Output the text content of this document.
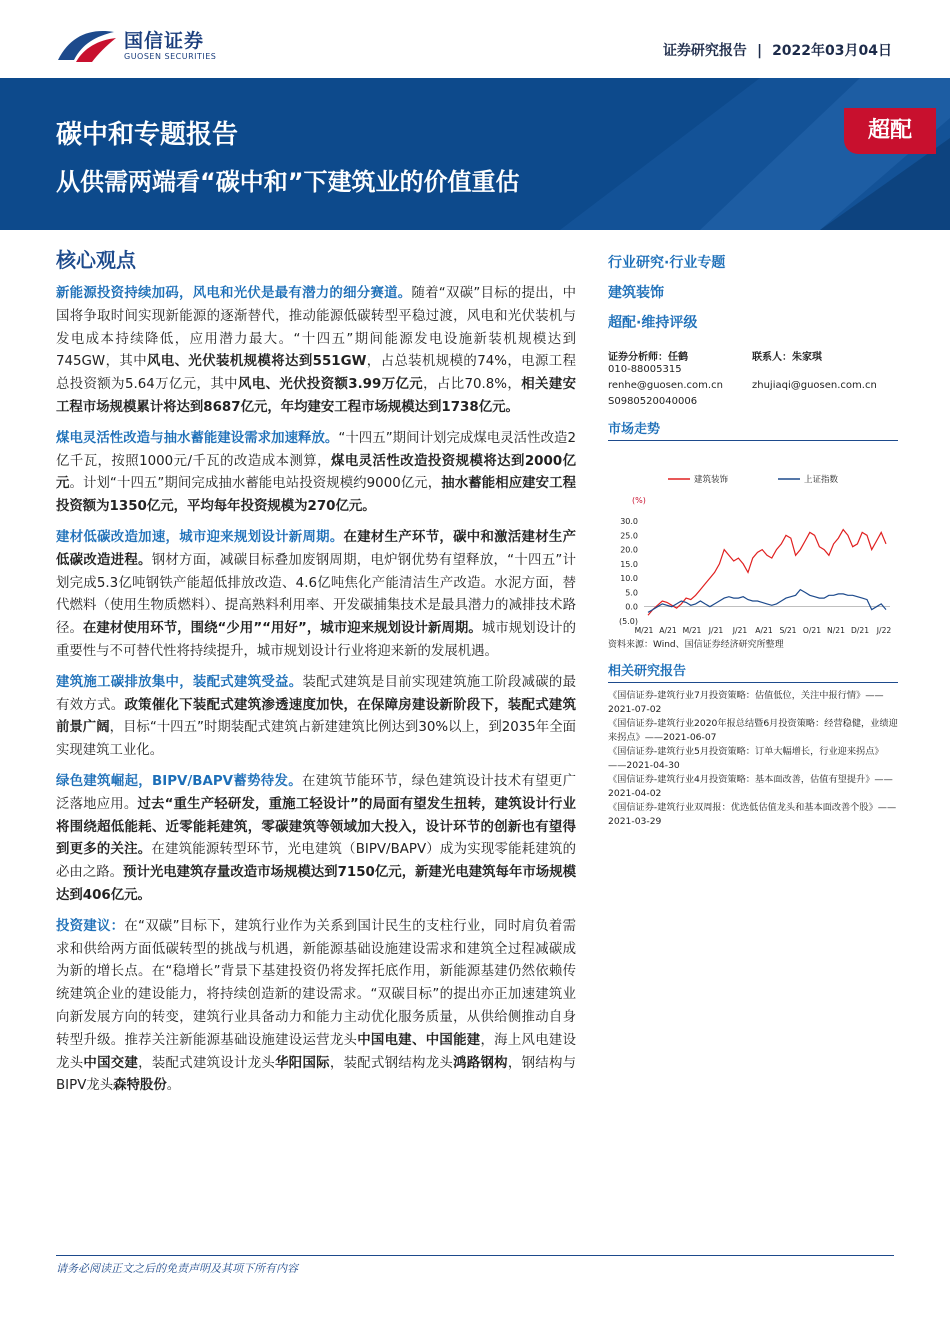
国信证券
GUOSEN SECURITIES	证券研究报告 | 2022年03月04日
碳中和专题报告
从供需两端看“碳中和”下建筑业的价值重估
超配
核心观点
新能源投资持续加码，风电和光伏是最有潜力的细分赛道。随着“双碳”目标的提出，中国将争取时间实现新能源的逐渐替代，推动能源低碳转型平稳过渡，风电和光伏装机与发电成本持续降低，应用潜力最大。“十四五”期间能源发电设施新装机规模达到745GW，其中风电、光伏装机规模将达到551GW，占总装机规模的74%，电源工程总投资额为5.64万亿元，其中风电、光伏投资额3.99万亿元，占比70.8%，相关建安工程市场规模累计将达到8687亿元，年均建安工程市场规模达到1738亿元。
煤电灵活性改造与抽水蓄能建设需求加速释放。“十四五”期间计划完成煤电灵活性改造2亿千瓦，按照1000元/千瓦的改造成本测算，煤电灵活性改造投资规模将达到2000亿元。计划“十四五”期间完成抽水蓄能电站投资规模约9000亿元，抽水蓄能相应建安工程投资额为1350亿元，平均每年投资规模为270亿元。
建材低碳改造加速，城市迎来规划设计新周期。在建材生产环节，碳中和激活建材生产低碳改造进程。钢材方面，减碳目标叠加废钢周期，电炉钢优势有望释放，“十四五”计划完成5.3亿吨钢铁产能超低排放改造、4.6亿吨焦化产能清洁生产改造。水泥方面，替代燃料（使用生物质燃料）、提高熟料利用率、开发碳捕集技术是最具潜力的减排技术路径。在建材使用环节，围绕“少用”“用好”，城市迎来规划设计新周期。城市规划设计的重要性与不可替代性将持续提升，城市规划设计行业将迎来新的发展机遇。
建筑施工碳排放集中，装配式建筑受益。装配式建筑是目前实现建筑施工阶段减碳的最有效方式。政策催化下装配式建筑渗透速度加快，在保障房建设新阶段下，装配式建筑前景广阔，目标“十四五”时期装配式建筑占新建建筑比例达到30%以上，到2035年全面实现建筑工业化。
绿色建筑崛起，BIPV/BAPV蓄势待发。在建筑节能环节，绿色建筑设计技术有望更广泛落地应用。过去“重生产轻研发，重施工轻设计”的局面有望发生扭转，建筑设计行业将围绕超低能耗、近零能耗建筑，零碳建筑等领域加大投入，设计环节的创新也有望得到更多的关注。在建筑能源转型环节，光电建筑（BIPV/BAPV）成为实现零能耗建筑的必由之路。预计光电建筑存量改造市场规模达到7150亿元，新建光电建筑每年市场规模达到406亿元。
投资建议：在“双碳”目标下，建筑行业作为关系到国计民生的支柱行业，同时肩负着需求和供给两方面低碳转型的挑战与机遇，新能源基础设施建设需求和建筑全过程减碳成为新的增长点。在“稳增长”背景下基建投资仍将发挥托底作用，新能源基建仍然依赖传统建筑企业的建设能力，将持续创造新的建设需求。“双碳目标”的提出亦正加速建筑业向新发展方向的转变，建筑行业具备动力和能力主动优化服务质量，从供给侧推动自身转型升级。推荐关注新能源基础设施建设运营龙头中国电建、中国能建，海上风电建设龙头中国交建，装配式建筑设计龙头华阳国际，装配式钢结构龙头鸿路钢构，钢结构与BIPV龙头森特股份。
行业研究·行业专题
建筑装饰
超配·维持评级
证券分析师：任鹤	联系人：朱家琪
010-88005315
renhe@guosen.com.cn	zhujiaqi@guosen.com.cn
S0980520040006
市场走势
建筑装饰	上证指数
(%)
30.0
25.0
20.0
15.0
10.0
5.0
0.0
(5.0)
M/21 A/21 M/21 J/21 J/21 A/21 S/21 O/21 N/21 D/21 J/22
资料来源：Wind、国信证券经济研究所整理
相关研究报告
《国信证券-建筑行业7月投资策略：估值低位，关注中报行情》——2021-07-02
《国信证券-建筑行业2020年报总结暨6月投资策略：经营稳健，业绩迎来拐点》——2021-06-07
《国信证券-建筑行业5月投资策略：订单大幅增长，行业迎来拐点》——2021-04-30
《国信证券-建筑行业4月投资策略：基本面改善，估值有望提升》——2021-04-02
《国信证券-建筑行业双周报：优选低估值龙头和基本面改善个股》——2021-03-29
请务必阅读正文之后的免责声明及其项下所有内容
